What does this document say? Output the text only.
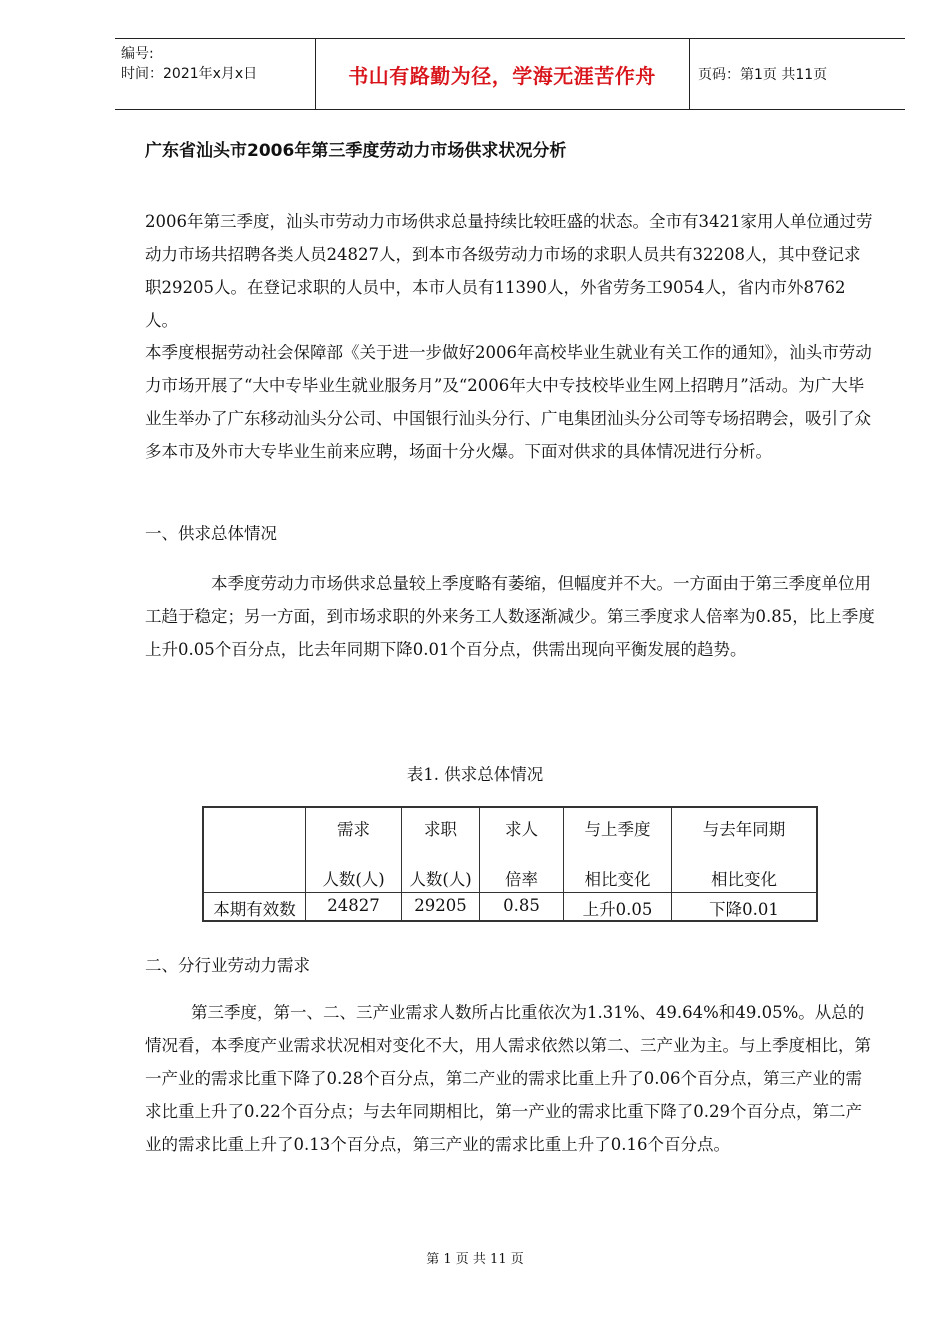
编号:
时间：2021年x月x日	书山有路勤为径，学海无涯苦作舟	页码：第1页 共11页
广东省汕头市2006年第三季度劳动力市场供求状况分析

2006年第三季度，汕头市劳动力市场供求总量持续比较旺盛的状态。全市有3421家用人单位通过劳动力市场共招聘各类人员24827人，到本市各级劳动力市场的求职人员共有32208人，其中登记求职29205人。在登记求职的人员中，本市人员有11390人，外省劳务工9054人，省内市外8762人。

本季度根据劳动社会保障部《关于进一步做好2006年高校毕业生就业有关工作的通知》，汕头市劳动力市场开展了“大中专毕业生就业服务月”及“2006年大中专技校毕业生网上招聘月”活动。为广大毕业生举办了广东移动汕头分公司、中国银行汕头分行、广电集团汕头分公司等专场招聘会，吸引了众多本市及外市大专毕业生前来应聘，场面十分火爆。下面对供求的具体情况进行分析。

一、供求总体情况

本季度劳动力市场供求总量较上季度略有萎缩，但幅度并不大。一方面由于第三季度单位用工趋于稳定；另一方面，到市场求职的外来务工人数逐渐减少。第三季度求人倍率为0.85，比上季度上升0.05个百分点，比去年同期下降0.01个百分点，供需出现向平衡发展的趋势。

表1. 供求总体情况
本期有效数
需求
人数(人)
24827
求职
人数(人)
29205
求人
倍率
0.85
与上季度
相比变化
上升0.05
与去年同期
相比变化
下降0.01
二、分行业劳动力需求

第三季度，第一、二、三产业需求人数所占比重依次为1.31%、49.64%和49.05%。从总的情况看，本季度产业需求状况相对变化不大，用人需求依然以第二、三产业为主。与上季度相比，第一产业的需求比重下降了0.28个百分点，第二产业的需求比重上升了0.06个百分点，第三产业的需求比重上升了0.22个百分点；与去年同期相比，第一产业的需求比重下降了0.29个百分点，第二产业的需求比重上升了0.13个百分点，第三产业的需求比重上升了0.16个百分点。

第 1 页 共 11 页
